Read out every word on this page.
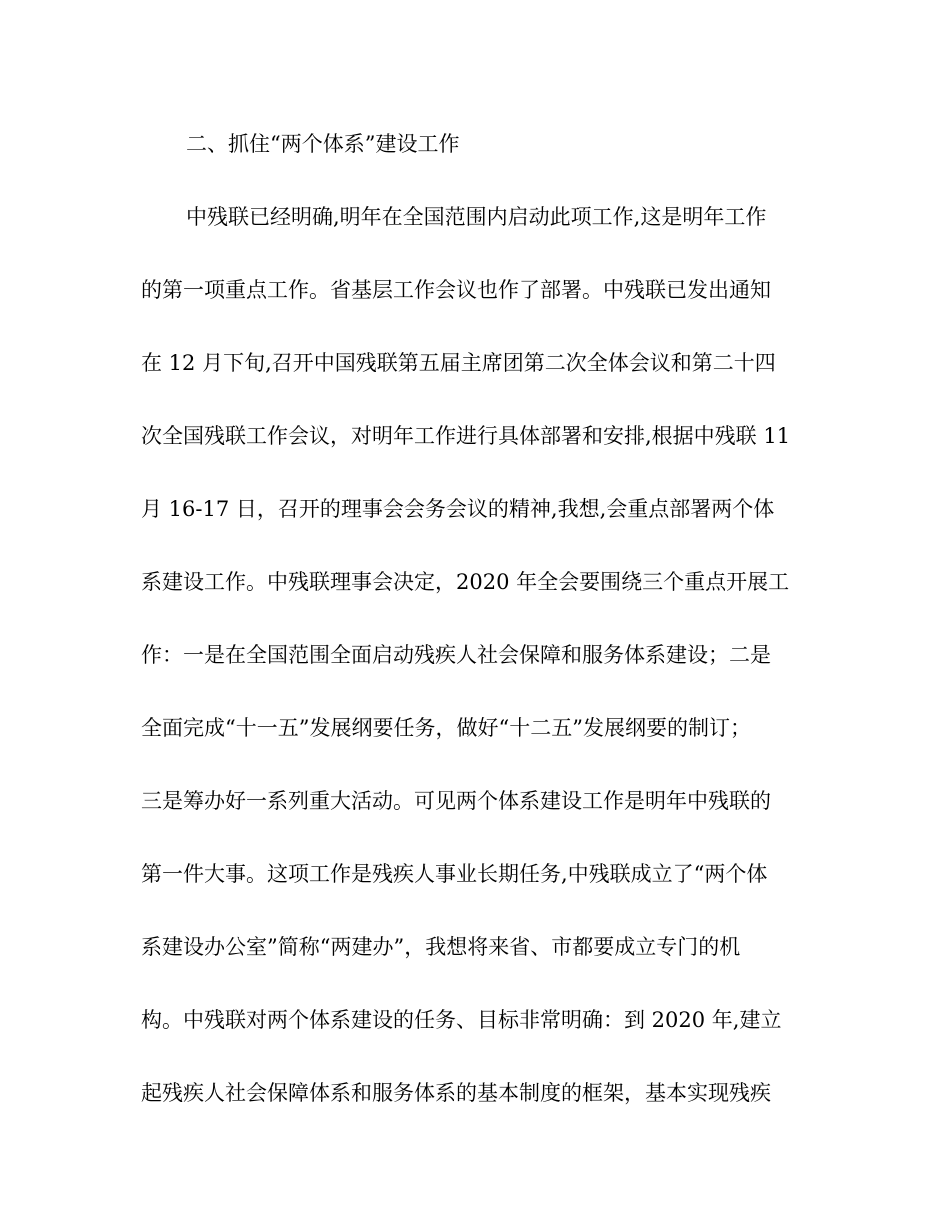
二、抓住“两个体系”建设工作
中残联已经明确,明年在全国范围内启动此项工作,这是明年工作
的第一项重点工作。省基层工作会议也作了部署。中残联已发出通知
在 12 月下旬,召开中国残联第五届主席团第二次全体会议和第二十四
次全国残联工作会议，对明年工作进行具体部署和安排,根据中残联 11
月 16-17 日，召开的理事会会务会议的精神,我想,会重点部署两个体
系建设工作。中残联理事会决定，2020 年全会要围绕三个重点开展工
作：一是在全国范围全面启动残疾人社会保障和服务体系建设；二是
全面完成“十一五”发展纲要任务，做好“十二五”发展纲要的制订；
三是筹办好一系列重大活动。可见两个体系建设工作是明年中残联的
第一件大事。这项工作是残疾人事业长期任务,中残联成立了“两个体
系建设办公室”简称“两建办”，我想将来省、市都要成立专门的机
构。中残联对两个体系建设的任务、目标非常明确：到 2020 年,建立
起残疾人社会保障体系和服务体系的基本制度的框架，基本实现残疾
